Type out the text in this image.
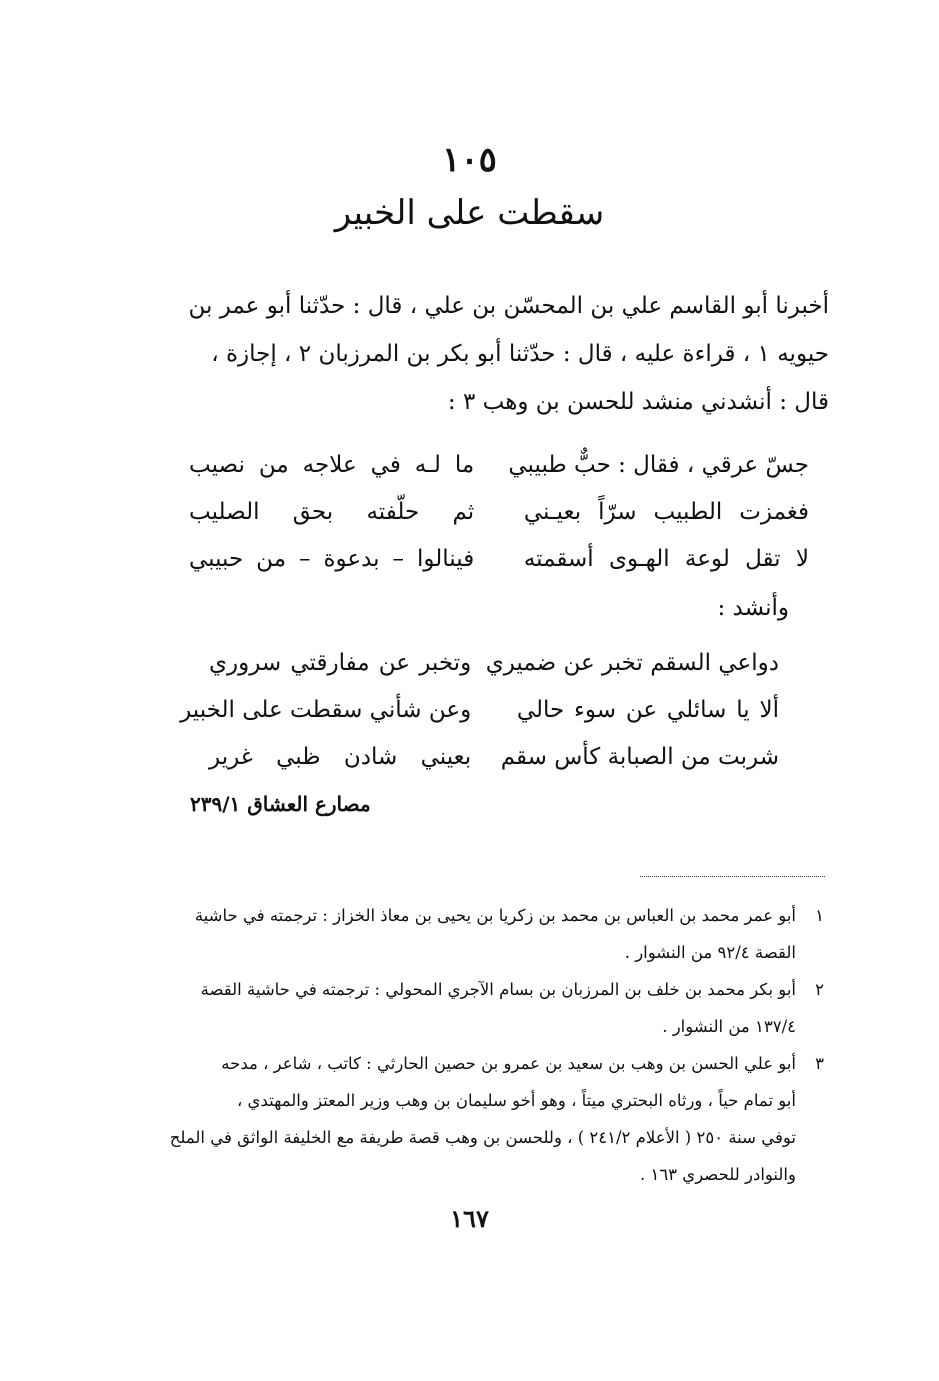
١٠٥
سقطت على الخبير
أخبرنا أبو القاسم علي بن المحسّن بن علي ، قال : حدّثنا أبو عمر بن
حيويه ١ ، قراءة عليه ، قال : حدّثنا أبو بكر بن المرزبان ٢ ، إجازة ،
قال : أنشدني منشد للحسن بن وهب ٣ :
جسّ عرقي ، فقال : حبٌّ طبيبي
ما لـه في علاجه من نصيب
فغمزت الطبيب سرّاً بعيـني
ثم حلّفته بحق الصليب
لا تقل لوعة الهـوى أسقمته
فينالوا – بدعوة – من حبيبي
وأنشد :
دواعي السقم تخبر عن ضميري
وتخبر عن مفارقتي سروري
ألا يا سائلي عن سوء حالي
وعن شأني سقطت على الخبير
شربت من الصبابة كأس سقم
بعيني شادن ظبي غرير
مصارع العشاق ٢٣٩/١
١أبو عمر محمد بن العباس بن محمد بن زكريا بن يحيى بن معاذ الخزاز : ترجمته في حاشية
القصة ٩٢/٤ من النشوار .
٢أبو بكر محمد بن خلف بن المرزبان بن بسام الآجري المحولي : ترجمته في حاشية القصة
١٣٧/٤ من النشوار .
٣أبو علي الحسن بن وهب بن سعيد بن عمرو بن حصين الحارثي : كاتب ، شاعر ، مدحه
أبو تمام حياً ، ورثاه البحتري ميتاً ، وهو أخو سليمان بن وهب وزير المعتز والمهتدي ،
توفي سنة ٢٥٠ ( الأعلام ٢٤١/٢ ) ، وللحسن بن وهب قصة طريفة مع الخليفة الواثق في الملح
والنوادر للحصري ١٦٣ .
١٦٧
